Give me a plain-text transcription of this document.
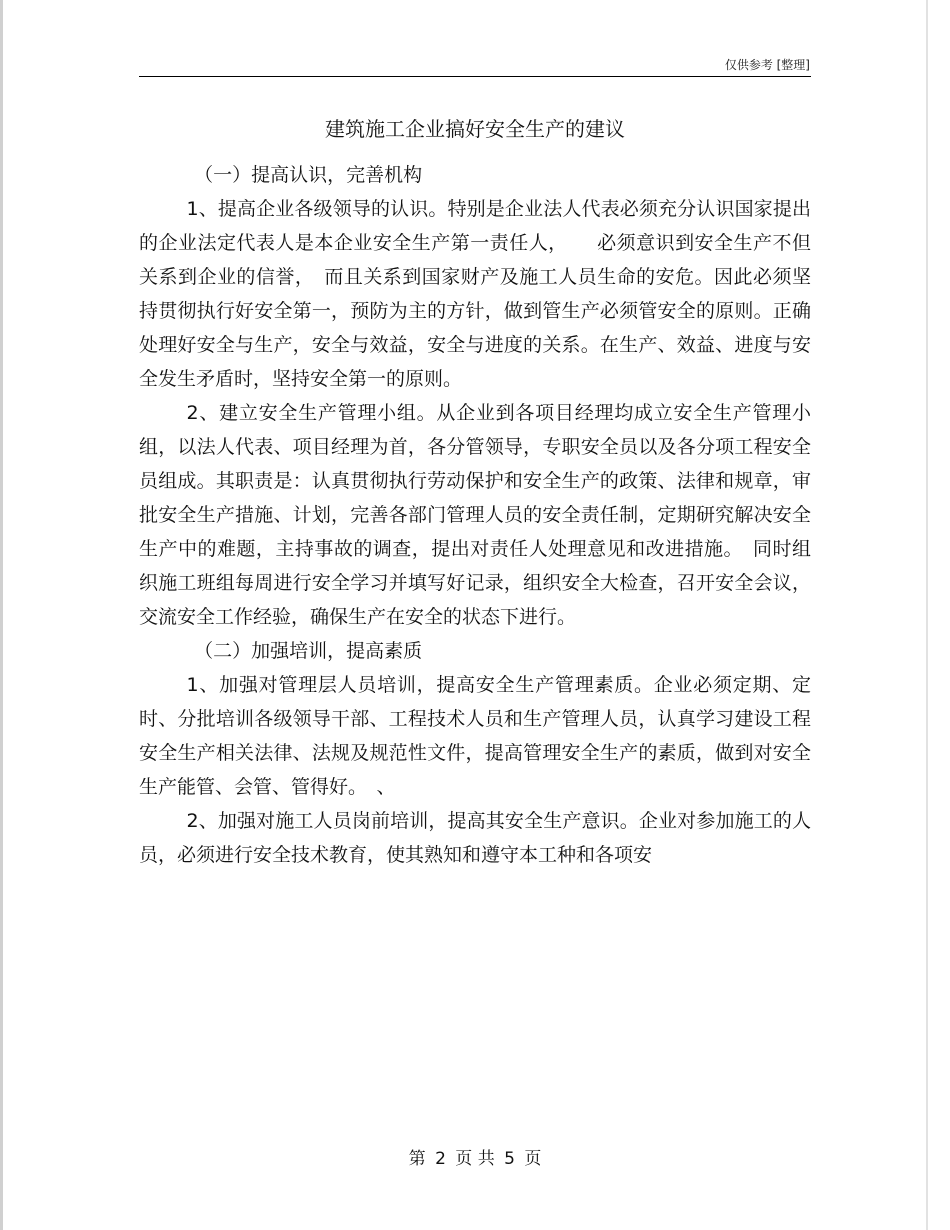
仅供参考 [整理]
建筑施工企业搞好安全生产的建议

（一）提高认识，完善机构

1、提高企业各级领导的认识。特别是企业法人代表必须充分认识国家提出的企业法定代表人是本企业安全生产第一责任人，　　必须意识到安全生产不但关系到企业的信誉，　而且关系到国家财产及施工人员生命的安危。因此必须坚持贯彻执行好安全第一，预防为主的方针，做到管生产必须管安全的原则。正确处理好安全与生产，安全与效益，安全与进度的关系。在生产、效益、进度与安全发生矛盾时，坚持安全第一的原则。

2、建立安全生产管理小组。从企业到各项目经理均成立安全生产管理小组，以法人代表、项目经理为首，各分管领导，专职安全员以及各分项工程安全员组成。其职责是：认真贯彻执行劳动保护和安全生产的政策、法律和规章，审批安全生产措施、计划，完善各部门管理人员的安全责任制，定期研究解决安全生产中的难题，主持事故的调查，提出对责任人处理意见和改进措施。　同时组织施工班组每周进行安全学习并填写好记录，组织安全大检查，召开安全会议，交流安全工作经验，确保生产在安全的状态下进行。

（二）加强培训，提高素质

1、加强对管理层人员培训，提高安全生产管理素质。企业必须定期、定时、分批培训各级领导干部、工程技术人员和生产管理人员，认真学习建设工程安全生产相关法律、法规及规范性文件，提高管理安全生产的素质，做到对安全生产能管、会管、管得好。　、

2、加强对施工人员岗前培训，提高其安全生产意识。企业对参加施工的人员，必须进行安全技术教育，使其熟知和遵守本工种和各项安

第 2 页 共 5 页
